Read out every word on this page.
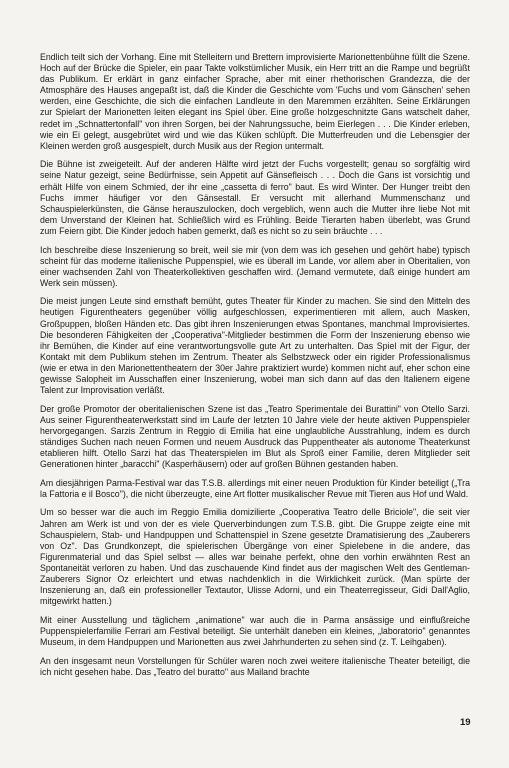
Endlich teilt sich der Vorhang. Eine mit Stelleitern und Brettern improvisierte Marionettenbühne füllt die Szene. Hoch auf der Brücke die Spieler, ein paar Takte volkstümlicher Musik, ein Herr tritt an die Rampe und begrüßt das Publikum. Er erklärt in ganz einfacher Sprache, aber mit einer rhethorischen Grandezza, die der Atmosphäre des Hauses angepaßt ist, daß die Kinder die Geschichte vom 'Fuchs und vom Gänschen' sehen werden, eine Geschichte, die sich die einfachen Landleute in den Maremmen erzählten. Seine Erklärungen zur Spielart der Marionetten leiten elegant ins Spiel über. Eine große holzgeschnitzte Gans watschelt daher, redet im „Schnattertonfall" von ihren Sorgen, bei der Nahrungssuche, beim Eierlegen . . . Die Kinder erleben, wie ein Ei gelegt, ausgebrütet wird und wie das Küken schlüpft. Die Mutterfreuden und die Lebensgier der Kleinen werden groß ausgespielt, durch Musik aus der Region untermalt.

Die Bühne ist zweigeteilt. Auf der anderen Hälfte wird jetzt der Fuchs vorgestellt; genau so sorgfältig wird seine Natur gezeigt, seine Bedürfnisse, sein Appetit auf Gänsefleisch . . . Doch die Gans ist vorsichtig und erhält Hilfe von einem Schmied, der ihr eine „cassetta di ferro" baut. Es wird Winter. Der Hunger treibt den Fuchs immer häufiger vor den Gänsestall. Er versucht mit allerhand Mummenschanz und Schauspielerkünsten, die Gänse herauszulocken, doch vergeblich, wenn auch die Mutter ihre liebe Not mit dem Unverstand der Kleinen hat. Schließlich wird es Frühling. Beide Tierarten haben überlebt, was Grund zum Feiern gibt. Die Kinder jedoch haben gemerkt, daß es nicht so zu sein bräuchte . . .

Ich beschreibe diese Inszenierung so breit, weil sie mir (von dem was ich gesehen und gehört habe) typisch scheint für das moderne italienische Puppenspiel, wie es überall im Lande, vor allem aber in Oberitalien, von einer wachsenden Zahl von Theaterkollektiven geschaffen wird. (Jemand vermutete, daß einige hundert am Werk sein müssen).

Die meist jungen Leute sind ernsthaft bemüht, gutes Theater für Kinder zu machen. Sie sind den Mitteln des heutigen Figurentheaters gegenüber völlig aufgeschlossen, experimentieren mit allem, auch Masken, Großpuppen, bloßen Händen etc. Das gibt ihren Inszenierungen etwas Spontanes, manchmal Improvisiertes. Die besonderen Fähigkeiten der „Cooperativa"-Mitglieder bestimmen die Form der Inszenierung ebenso wie ihr Bemühen, die Kinder auf eine verantwortungsvolle gute Art zu unterhalten. Das Spiel mit der Figur, der Kontakt mit dem Publikum stehen im Zentrum. Theater als Selbstzweck oder ein rigider Professionalismus (wie er etwa in den Marionettentheatern der 30er Jahre praktiziert wurde) kommen nicht auf, eher schon eine gewisse Salopheit im Ausschaffen einer Inszenierung, wobei man sich dann auf das den Italienern eigene Talent zur Improvisation verläßt.

Der große Promotor der oberitalienischen Szene ist das „Teatro Sperimentale dei Burattini" von Otello Sarzi. Aus seiner Figurentheaterwerkstatt sind im Laufe der letzten 10 Jahre viele der heute aktiven Puppenspieler hervorgegangen. Sarzis Zentrum in Reggio di Emilia hat eine unglaubliche Ausstrahlung, indem es durch ständiges Suchen nach neuen Formen und neuem Ausdruck das Puppentheater als autonome Theaterkunst etablieren hilft. Otello Sarzi hat das Theaterspielen im Blut als Sproß einer Familie, deren Mitglieder seit Generationen hinter „baracchi" (Kasperhäusern) oder auf großen Bühnen gestanden haben.

Am diesjährigen Parma-Festival war das T.S.B. allerdings mit einer neuen Produktion für Kinder beteiligt („Tra la Fattoria e il Bosco"), die nicht überzeugte, eine Art flotter musikalischer Revue mit Tieren aus Hof und Wald.

Um so besser war die auch im Reggio Emilia domizilierte „Cooperativa Teatro delle Briciole", die seit vier Jahren am Werk ist und von der es viele Querverbindungen zum T.S.B. gibt. Die Gruppe zeigte eine mit Schauspielern, Stab- und Handpuppen und Schattenspiel in Szene gesetzte Dramatisierung des „Zauberers von Oz". Das Grundkonzept, die spielerischen Übergänge von einer Spielebene in die andere, das Figurenmaterial und das Spiel selbst — alles war beinahe perfekt, ohne den vorhin erwähnten Rest an Spontaneität verloren zu haben. Und das zuschauende Kind findet aus der magischen Welt des Gentleman-Zauberers Signor Oz erleichtert und etwas nachdenklich in die Wirklichkeit zurück. (Man spürte der Inszenierung an, daß ein professioneller Textautor, Ulisse Adorni, und ein Theaterregisseur, Gidi Dall'Aglio, mitgewirkt hatten.)

Mit einer Ausstellung und täglichem „animatione" war auch die in Parma ansässige und einflußreiche Puppenspielerfamilie Ferrari am Festival beteiligt. Sie unterhält daneben ein kleines, „laboratorio" genanntes Museum, in dem Handpuppen und Marionetten aus zwei Jahrhunderten zu sehen sind (z. T. Leihgaben).

An den insgesamt neun Vorstellungen für Schüler waren noch zwei weitere italienische Theater beteiligt, die ich nicht gesehen habe. Das „Teatro del buratto" aus Mailand brachte

19
